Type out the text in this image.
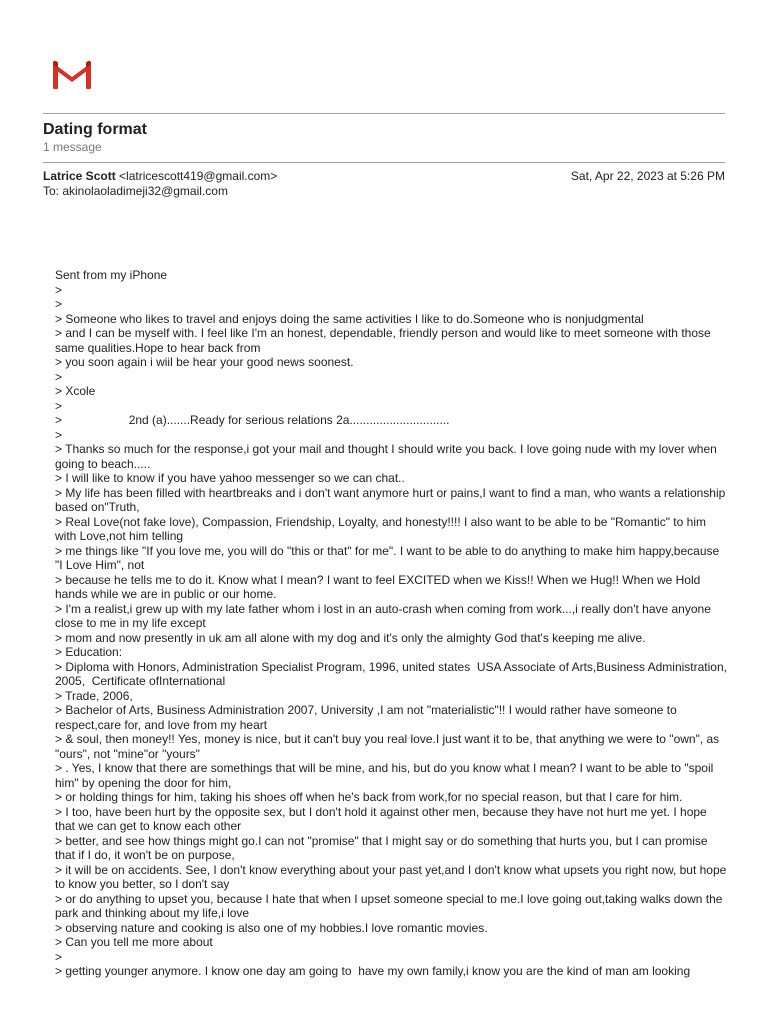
Dating format
1 message
Latrice Scott <latricescott419@gmail.com>	Sat, Apr 22, 2023 at 5:26 PM
To: akinolaoladimeji32@gmail.com
Sent from my iPhone
>
>
> Someone who likes to travel and enjoys doing the same activities I like to do.Someone who is nonjudgmental
> and I can be myself with. I feel like I'm an honest, dependable, friendly person and would like to meet someone with those same qualities.Hope to hear back from
> you soon again i wiil be hear your good news soonest.
>
> Xcole
>
>                    2nd (a).......Ready for serious relations 2a..............................
>
> Thanks so much for the response,i got your mail and thought I should write you back. I love going nude with my lover when going to beach.....
> I will like to know if you have yahoo messenger so we can chat..
> My life has been filled with heartbreaks and i don't want anymore hurt or pains,I want to find a man, who wants a relationship based on"Truth,
> Real Love(not fake love), Compassion, Friendship, Loyalty, and honesty!!!! I also want to be able to be "Romantic" to him with Love,not him telling
> me things like "If you love me, you will do "this or that" for me". I want to be able to do anything to make him happy,because "I Love Him", not
> because he tells me to do it. Know what I mean? I want to feel EXCITED when we Kiss!! When we Hug!! When we Hold hands while we are in public or our home.
> I'm a realist,i grew up with my late father whom i lost in an auto-crash when coming from work...,i really don't have anyone close to me in my life except
> mom and now presently in uk am all alone with my dog and it's only the almighty God that's keeping me alive.
> Education:
> Diploma with Honors, Administration Specialist Program, 1996, united states  USA Associate of Arts,Business Administration, 2005,  Certificate ofInternational
> Trade, 2006,
> Bachelor of Arts, Business Administration 2007, University ,I am not "materialistic"!! I would rather have someone to respect,care for, and love from my heart
> & soul, then money!! Yes, money is nice, but it can't buy you real love.I just want it to be, that anything we were to "own", as "ours", not "mine"or "yours"
> . Yes, I know that there are somethings that will be mine, and his, but do you know what I mean? I want to be able to "spoil him" by opening the door for him,
> or holding things for him, taking his shoes off when he's back from work,for no special reason, but that I care for him.
> I too, have been hurt by the opposite sex, but I don't hold it against other men, because they have not hurt me yet. I hope that we can get to know each other
> better, and see how things might go.I can not "promise" that I might say or do something that hurts you, but I can promise that if I do, it won't be on purpose,
> it will be on accidents. See, I don't know everything about your past yet,and I don't know what upsets you right now, but hope to know you better, so I don't say
> or do anything to upset you, because I hate that when I upset someone special to me.I love going out,taking walks down the park and thinking about my life,i love
> observing nature and cooking is also one of my hobbies.I love romantic movies.
> Can you tell me more about
>
> getting younger anymore. I know one day am going to  have my own family,i know you are the kind of man am looking
